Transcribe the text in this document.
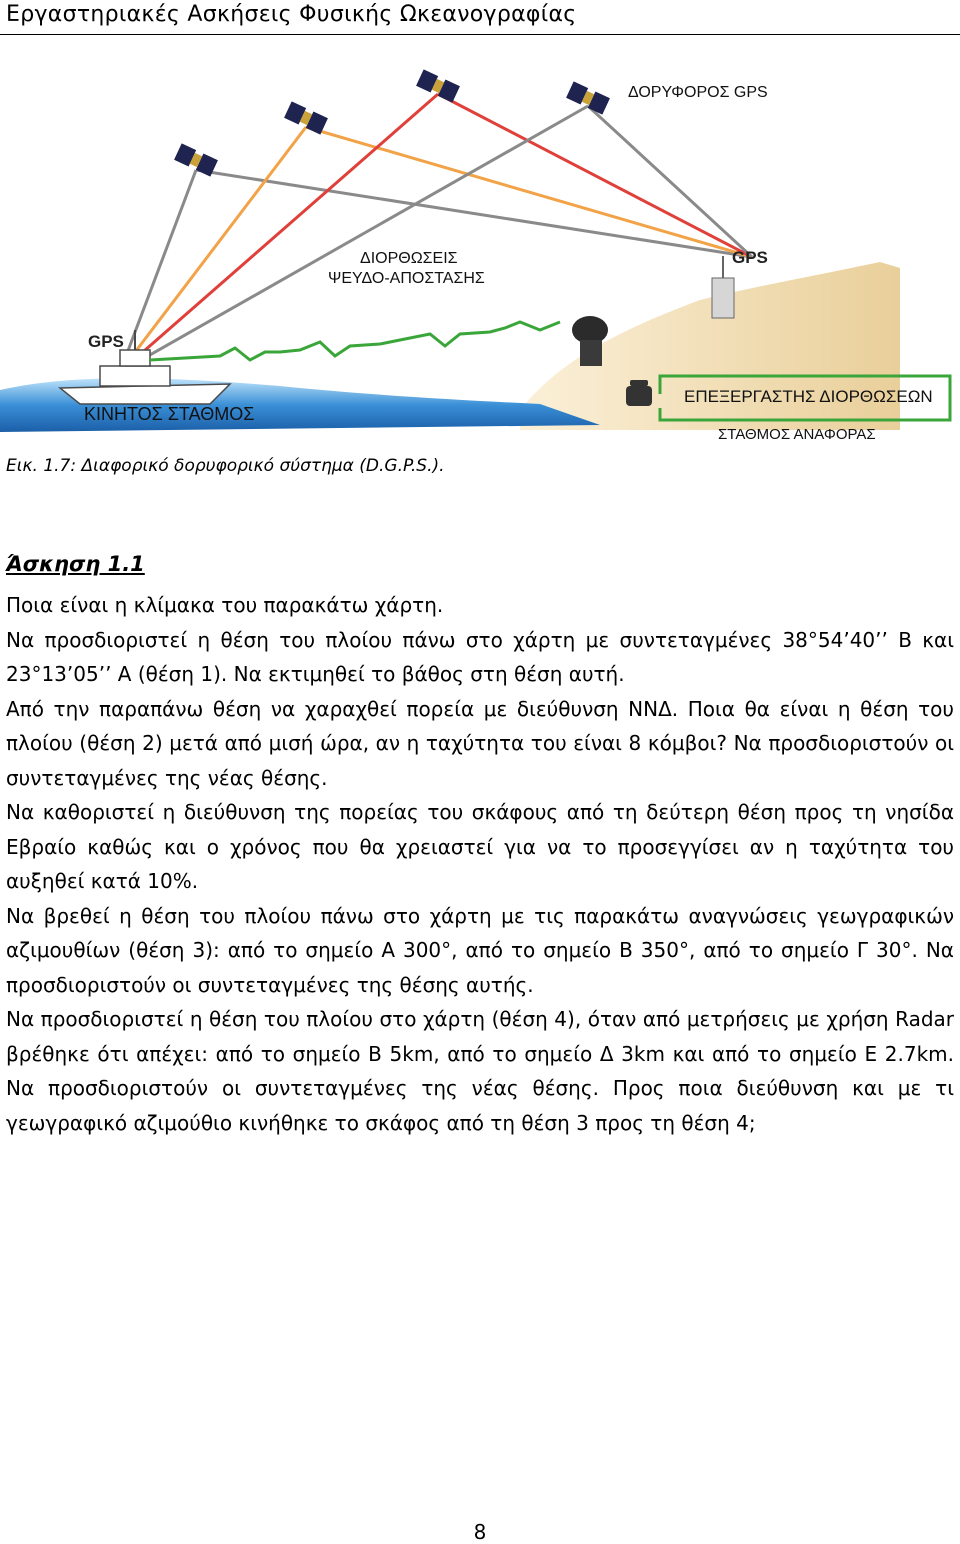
Εργαστηριακές Ασκήσεις Φυσικής Ωκεανογραφίας
GPS
GPS
ΔΟΡΥΦΟΡΟΣ GPS
ΔΙΟΡΘΩΣΕΙΣ
ΨΕΥΔΟ-ΑΠΟΣΤΑΣΗΣ
ΚΙΝΗΤΟΣ ΣΤΑΘΜΟΣ
ΕΠΕΞΕΡΓΑΣΤΗΣ ΔΙΟΡΘΩΣΕΩΝ
ΣΤΑΘΜΟΣ ΑΝΑΦΟΡΑΣ
Εικ. 1.7: Διαφορικό δορυφορικό σύστημα (D.G.P.S.).
Άσκηση 1.1

Ποια είναι η κλίμακα του παρακάτω χάρτη.

Να προσδιοριστεί η θέση του πλοίου πάνω στο χάρτη με συντεταγμένες 38°54’40’’ Β και 23°13’05’’ Α (θέση 1). Να εκτιμηθεί το βάθος στη θέση αυτή.

Από την παραπάνω θέση να χαραχθεί πορεία με διεύθυνση ΝΝΔ. Ποια θα είναι η θέση του πλοίου (θέση 2) μετά από μισή ώρα, αν η ταχύτητα του είναι 8 κόμβοι? Να προσδιοριστούν οι συντεταγμένες της νέας θέσης.

Να καθοριστεί η διεύθυνση της πορείας του σκάφους από τη δεύτερη θέση προς τη νησίδα Εβραίο καθώς και ο χρόνος που θα χρειαστεί για να το προσεγγίσει αν η ταχύτητα του αυξηθεί κατά 10%.

Να βρεθεί η θέση του πλοίου πάνω στο χάρτη με τις παρακάτω αναγνώσεις γεωγραφικών αζιμουθίων (θέση 3): από το σημείο Α 300°, από το σημείο Β 350°, από το σημείο Γ 30°. Να προσδιοριστούν οι συντεταγμένες της θέσης αυτής.

Να προσδιοριστεί η θέση του πλοίου στο χάρτη (θέση 4), όταν από μετρήσεις με χρήση Radar βρέθηκε ότι απέχει: από το σημείο Β 5km, από το σημείο Δ 3km και από το σημείο Ε 2.7km. Να προσδιοριστούν οι συντεταγμένες της νέας θέσης. Προς ποια διεύθυνση και με τι γεωγραφικό αζιμούθιο κινήθηκε το σκάφος από τη θέση 3 προς τη θέση 4;

8
